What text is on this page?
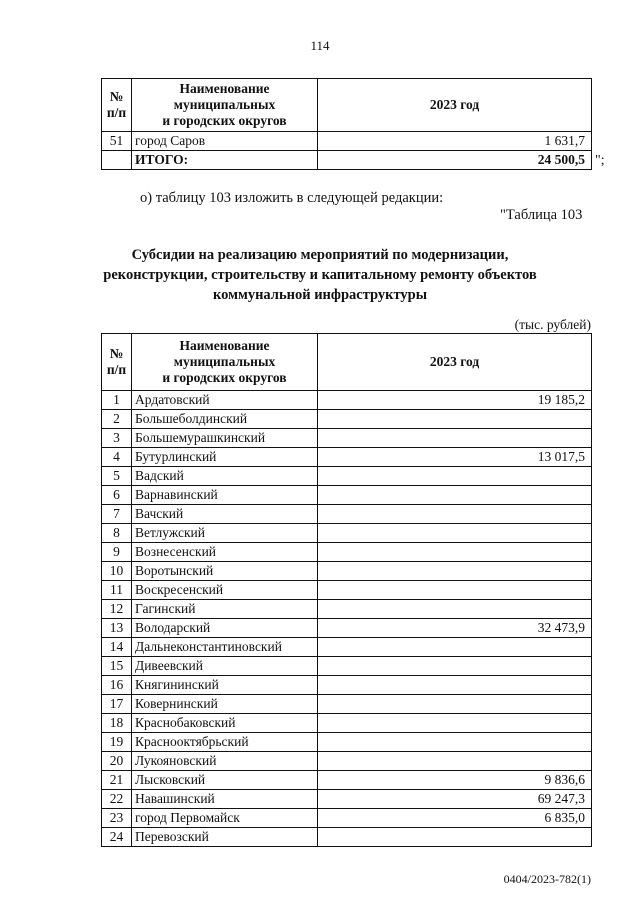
114
№
п/п	Наименование
муниципальных
и городских округов	2023 год
51	город Саров	1 631,7
	ИТОГО:	24 500,5 ";
о) таблицу 103 изложить в следующей редакции:
"Таблица 103
Субсидии на реализацию мероприятий по модернизации,
реконструкции, строительству и капитальному ремонту объектов
коммунальной инфраструктуры
(тыс. рублей)
№
п/п	Наименование
муниципальных
и городских округов	2023 год
1	Ардатовский	19 185,2
2	Большеболдинский	
3	Большемурашкинский	
4	Бутурлинский	13 017,5
5	Вадский	
6	Варнавинский	
7	Вачский	
8	Ветлужский	
9	Вознесенский	
10	Воротынский	
11	Воскресенский	
12	Гагинский	
13	Володарский	32 473,9
14	Дальнеконстантиновский	
15	Дивеевский	
16	Княгининский	
17	Ковернинский	
18	Краснобаковский	
19	Краснооктябрьский	
20	Лукояновский	
21	Лысковский	9 836,6
22	Навашинский	69 247,3
23	город Первомайск	6 835,0
24	Перевозский	
0404/2023-782(1)
